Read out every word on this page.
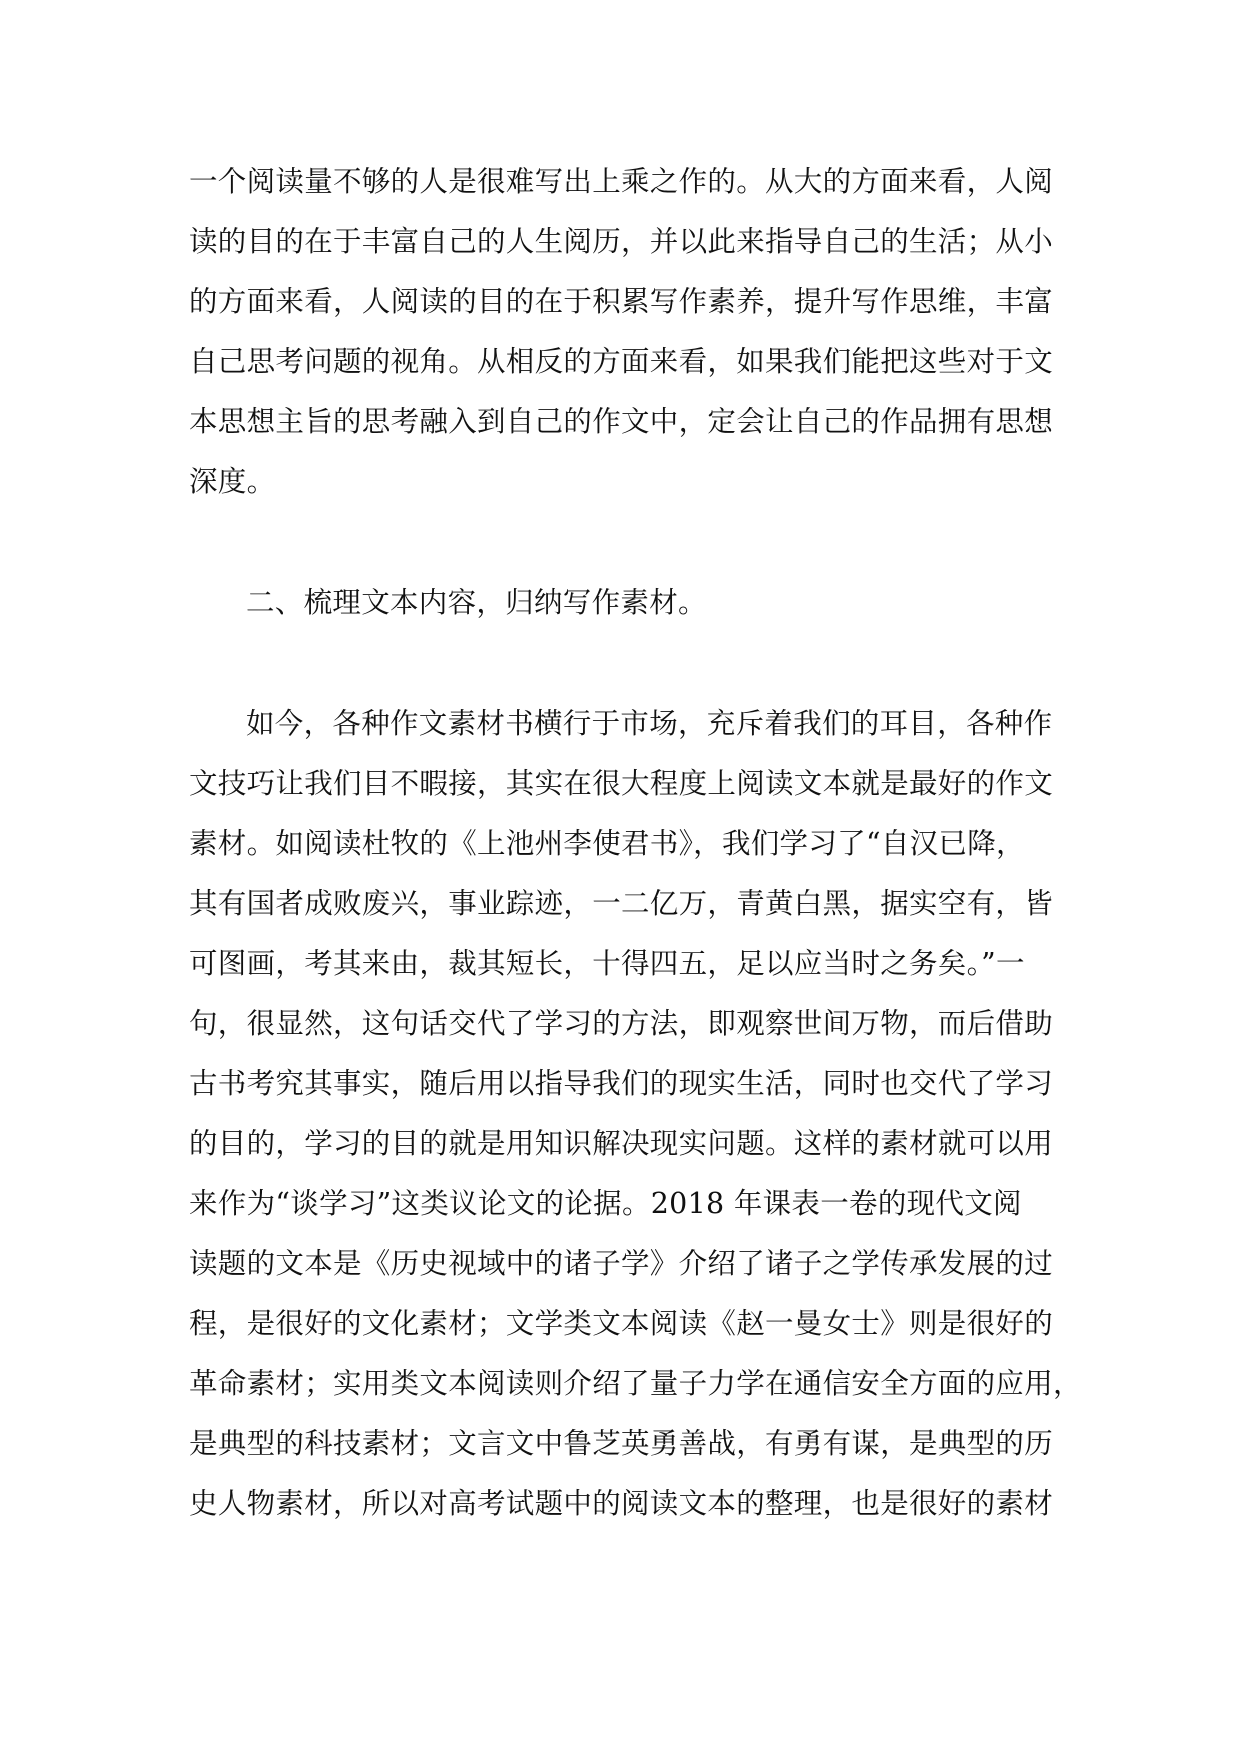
一个阅读量不够的人是很难写出上乘之作的。从大的方面来看，人阅
读的目的在于丰富自己的人生阅历，并以此来指导自己的生活；从小
的方面来看，人阅读的目的在于积累写作素养，提升写作思维，丰富
自己思考问题的视角。从相反的方面来看，如果我们能把这些对于文
本思想主旨的思考融入到自己的作文中，定会让自己的作品拥有思想
深度。
二、梳理文本内容，归纳写作素材。
如今，各种作文素材书横行于市场，充斥着我们的耳目，各种作
文技巧让我们目不暇接，其实在很大程度上阅读文本就是最好的作文
素材。如阅读杜牧的《上池州李使君书》，我们学习了“自汉已降，
其有国者成败废兴，事业踪迹，一二亿万，青黄白黑，据实空有，皆
可图画，考其来由，裁其短长，十得四五，足以应当时之务矣。”一
句，很显然，这句话交代了学习的方法，即观察世间万物，而后借助
古书考究其事实，随后用以指导我们的现实生活，同时也交代了学习
的目的，学习的目的就是用知识解决现实问题。这样的素材就可以用
来作为“谈学习”这类议论文的论据。2018 年课表一卷的现代文阅
读题的文本是《历史视域中的诸子学》介绍了诸子之学传承发展的过
程，是很好的文化素材；文学类文本阅读《赵一曼女士》则是很好的
革命素材；实用类文本阅读则介绍了量子力学在通信安全方面的应用，
是典型的科技素材；文言文中鲁芝英勇善战，有勇有谋，是典型的历
史人物素材，所以对高考试题中的阅读文本的整理，也是很好的素材
